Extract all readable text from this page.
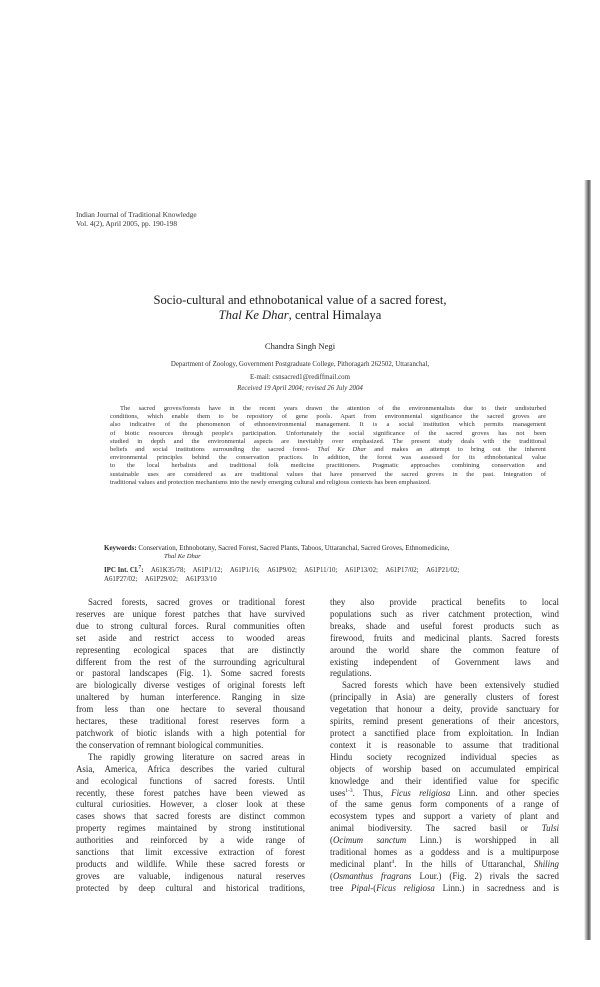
Indian Journal of Traditional Knowledge
Vol. 4(2), April 2005, pp. 190-198
Socio-cultural and ethnobotanical value of a sacred forest,
Thal Ke Dhar, central Himalaya
Chandra Singh Negi
Department of Zoology, Government Postgraduate College, Pithoragarh 262502, Uttaranchal,
E-mail: csnsacred1@rediffmail.com
Received 19 April 2004; revised 26 July 2004
The sacred groves/forests have in the recent years drawn the attention of the environmentalists due to their undisturbed
conditions, which enable them to be repository of gene pools. Apart from environmental significance the sacred groves are
also indicative of the phenomenon of ethnoenvironmental management. It is a social institution which permits management
of biotic resources through people's participation. Unfortunately the social significance of the sacred groves has not been
studied in depth and the environmental aspects are inevitably over emphasized. The present study deals with the traditional
beliefs and social institutions surrounding the sacred forest- Thal Ke Dhar and makes an attempt to bring out the inherent
environmental principles behind the conservation practices. In addition, the forest was assessed for its ethnobotanical value
to the local herbalists and traditional folk medicine practitioners. Pragmatic approaches combining conservation and
sustainable uses are considered as are traditional values that have preserved the sacred groves in the past. Integration of
traditional values and protection mechanisms into the newly emerging cultural and religious contexts has been emphasized.
Keywords: Conservation, Ethnobotany, Sacred Forest, Sacred Plants, Taboos, Uttaranchal, Sacred Groves, Ethnomedicine,
Thal Ke Dhar
IPC Int. Cl.$^7$: A61K35/78; A61P1/12; A61P1/16; A61P9/02; A61P11/10; A61P13/02; A61P17/02; A61P21/02;
A61P27/02; A61P29/02; A61P33/10
Sacred forests, sacred groves or traditional forest
reserves are unique forest patches that have survived
due to strong cultural forces. Rural communities often
set aside and restrict access to wooded areas
representing ecological spaces that are distinctly
different from the rest of the surrounding agricultural
or pastoral landscapes (Fig. 1). Some sacred forests
are biologically diverse vestiges of original forests left
unaltered by human interference. Ranging in size
from less than one hectare to several thousand
hectares, these traditional forest reserves form a
patchwork of biotic islands with a high potential for
the conservation of remnant biological communities.
The rapidly growing literature on sacred areas in
Asia, America, Africa describes the varied cultural
and ecological functions of sacred forests. Until
recently, these forest patches have been viewed as
cultural curiosities. However, a closer look at these
cases shows that sacred forests are distinct common
property regimes maintained by strong institutional
authorities and reinforced by a wide range of
sanctions that limit excessive extraction of forest
products and wildlife. While these sacred forests or
groves are valuable, indigenous natural reserves
protected by deep cultural and historical traditions,
they also provide practical benefits to local
populations such as river catchment protection, wind
breaks, shade and useful forest products such as
firewood, fruits and medicinal plants. Sacred forests
around the world share the common feature of
existing independent of Government laws and
regulations.
Sacred forests which have been extensively studied
(principally in Asia) are generally clusters of forest
vegetation that honour a deity, provide sanctuary for
spirits, remind present generations of their ancestors,
protect a sanctified place from exploitation. In Indian
context it is reasonable to assume that traditional
Hindu society recognized individual species as
objects of worship based on accumulated empirical
knowledge and their identified value for specific
uses$^{1-3}$. Thus, Ficus religiosa Linn. and other species
of the same genus form components of a range of
ecosystem types and support a variety of plant and
animal biodiversity. The sacred basil or Tulsi
(Ocimum sanctum Linn.) is worshipped in all
traditional homes as a goddess and is a multipurpose
medicinal plant$^4$. In the hills of Uttaranchal, Shiling
(Osmanthus fragrans Lour.) (Fig. 2) rivals the sacred
tree Pipal-(Ficus religiosa Linn.) in sacredness and is
